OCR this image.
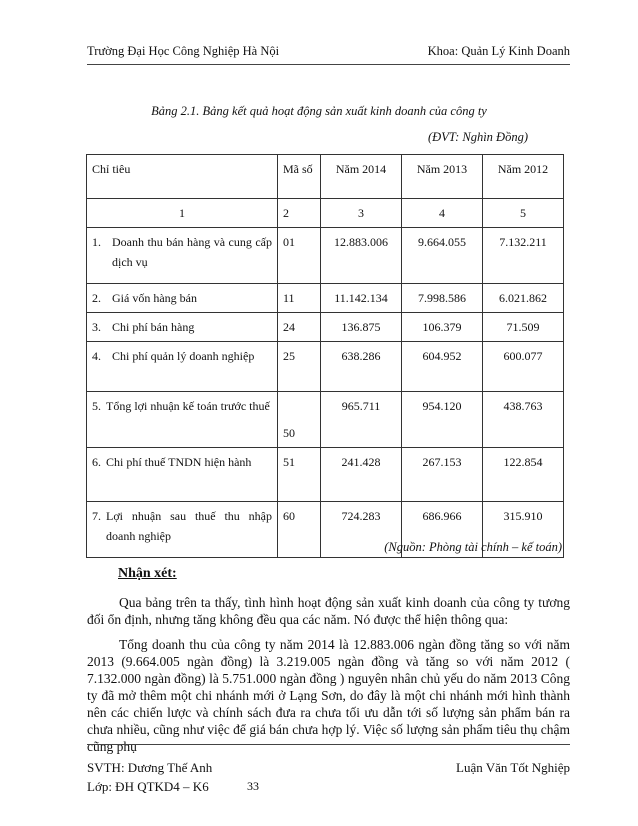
Trường Đại Học Công Nghiệp Hà Nội	Khoa: Quản Lý Kinh Doanh
Bảng 2.1. Bảng kết quả hoạt động sản xuất kinh doanh của công ty
(ĐVT: Nghìn Đồng)
Chỉ tiêu	Mã số	Năm 2014	Năm 2013	Năm 2012
1	2	3	4	5

1. Doanh thu bán hàng và cung cấp dịch vụ	01	12.883.006	9.664.055	7.132.211

2. Giá vốn hàng bán	11	11.142.134	7.998.586	6.021.862

3. Chi phí bán hàng	24	136.875	106.379	71.509

4. Chi phí quản lý doanh nghiệp	25	638.286	604.952	600.077

5. Tổng lợi nhuận kế toán trước thuế	50	965.711	954.120	438.763

6. Chi phí thuế TNDN hiện hành	51	241.428	267.153	122.854

7. Lợi nhuận sau thuế thu nhập doanh nghiệp	60	724.283	686.966	315.910
(Nguồn: Phòng tài chính – kế toán)
Nhận xét:

Qua bảng trên ta thấy, tình hình hoạt động sản xuất kinh doanh của công ty tương đối ổn định, nhưng tăng không đều qua các năm. Nó được thể hiện thông qua:

Tổng doanh thu của công ty năm 2014 là 12.883.006 ngàn đồng tăng so với năm 2013 (9.664.005 ngàn đồng) là 3.219.005 ngàn đồng và tăng so với năm 2012 ( 7.132.000 ngàn đồng) là 5.751.000 ngàn đồng ) nguyên nhân chủ yếu do năm 2013 Công ty đã mở thêm một chi nhánh mới ở Lạng Sơn, do đây là một chi nhánh mới hình thành nên các chiến lược và chính sách đưa ra chưa tối ưu dẫn tới số lượng sản phẩm bán ra chưa nhiều, cũng như việc để giá bán chưa hợp lý. Việc số lượng sản phẩm tiêu thụ chậm cũng phụ

SVTH: Dương Thế Anh	Luận Văn Tốt Nghiệp
Lớp: ĐH QTKD4 – K6	33
